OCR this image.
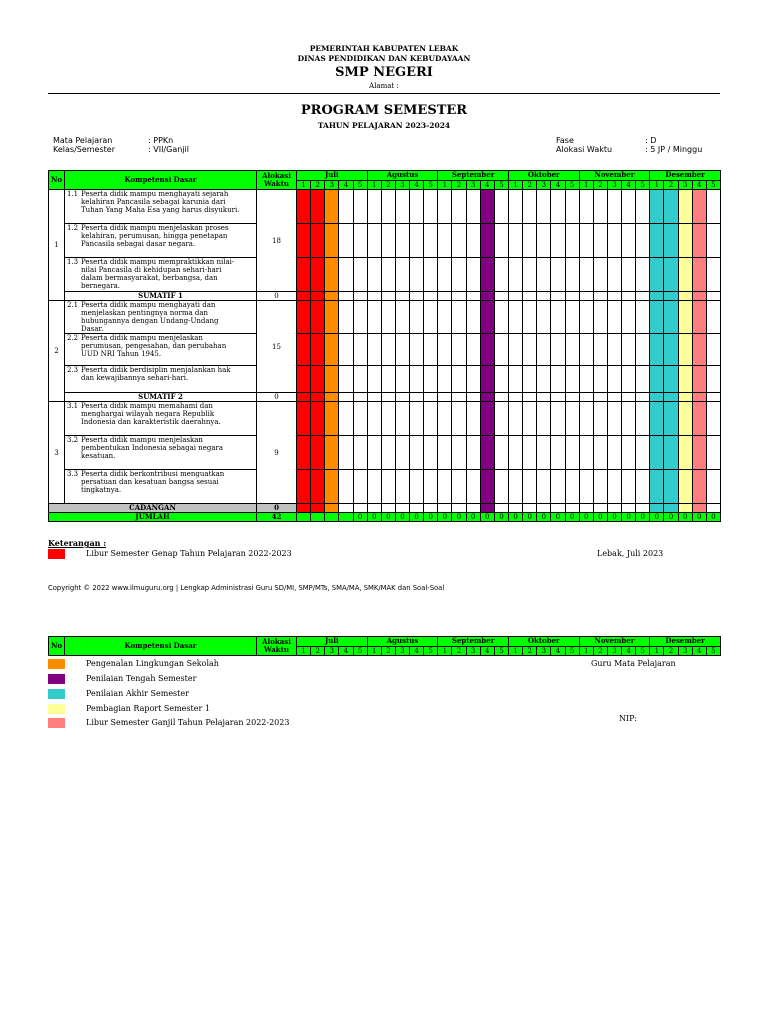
PEMERINTAH KABUPATEN LEBAK
DINAS PENDIDIKAN DAN KEBUDAYAAN
SMP NEGERI
Alamat :
PROGRAM SEMESTER
TAHUN PELAJARAN 2023-2024
Mata Pelajaran	: PPKn
Kelas/Semester	: VII/Ganjil
Fase	: D
Alokasi Waktu	: 5 JP / Minggu
No	Kompetensi Dasar	Alokasi Waktu	Juli					Agustus					September					Oktober					November					Desember				
			1	2	3	4	5	1	2	3	4	5	1	2	3	4	5	1	2	3	4	5	1	2	3	4	5	1	2	3	4	5
1	1.1 Peserta didik mampu menghayati sejarah kelahiran Pancasila sebagai karunia dari Tuhan Yang Maha Esa yang harus disyukuri.	18																														
	1.2 Peserta didik mampu menjelaskan proses kelahiran, perumusan, hingga penetapan Pancasila sebagai dasar negara.																															
	1.3 Peserta didik mampu mempraktikkan nilai-nilai Pancasila di kehidupan sehari-hari dalam bermasyarakat, berbangsa, dan bernegara.																															
	SUMATIF 1	0																														
2	2.1 Peserta didik mampu menghayati dan menjelaskan pentingnya norma dan hubungannya dengan Undang-Undang Dasar.	15																														
	2.2 Peserta didik mampu menjelaskan perumusan, pengesahan, dan perubahan UUD NRI Tahun 1945.																															
	2.3 Peserta didik berdisiplin menjalankan hak dan kewajibannya sehari-hari.																															
	SUMATIF 2	0																														
3	3.1 Peserta didik mampu memahami dan menghargai wilayah negara Republik Indonesia dan karakteristik daerahnya.	9																														
	3.2 Peserta didik mampu menjelaskan pembentukan Indonesia sebagai negara kesatuan.																															
	3.3 Peserta didik berkontribusi menguatkan persatuan dan kesatuan bangsa sesuai tingkatnya.																															
CADANGAN		0																														
JUMLAH		42					0	0	0	0	0	0	0	0	0	0	0	0	0	0	0	0	0	0	0	0	0	0	0	0	0	0
Keterangan :
Libur Semester Genap Tahun Pelajaran 2022-2023	Lebak, Juli 2023
Copyright © 2022 www.ilmuguru.org | Lengkap Administrasi Guru SD/MI, SMP/MTs, SMA/MA, SMK/MAK dan Soal-Soal
No	Kompetensi Dasar	Alokasi Waktu	Juli					Agustus					September					Oktober					November					Desember				
			1	2	3	4	5	1	2	3	4	5	1	2	3	4	5	1	2	3	4	5	1	2	3	4	5	1	2	3	4	5
Pengenalan Lingkungan Sekolah	Guru Mata Pelajaran
Penilaian Tengah Semester
Penilaian Akhir Semester
Pembagian Raport Semester 1
Libur Semester Ganjil Tahun Pelajaran 2022-2023	NIP:
